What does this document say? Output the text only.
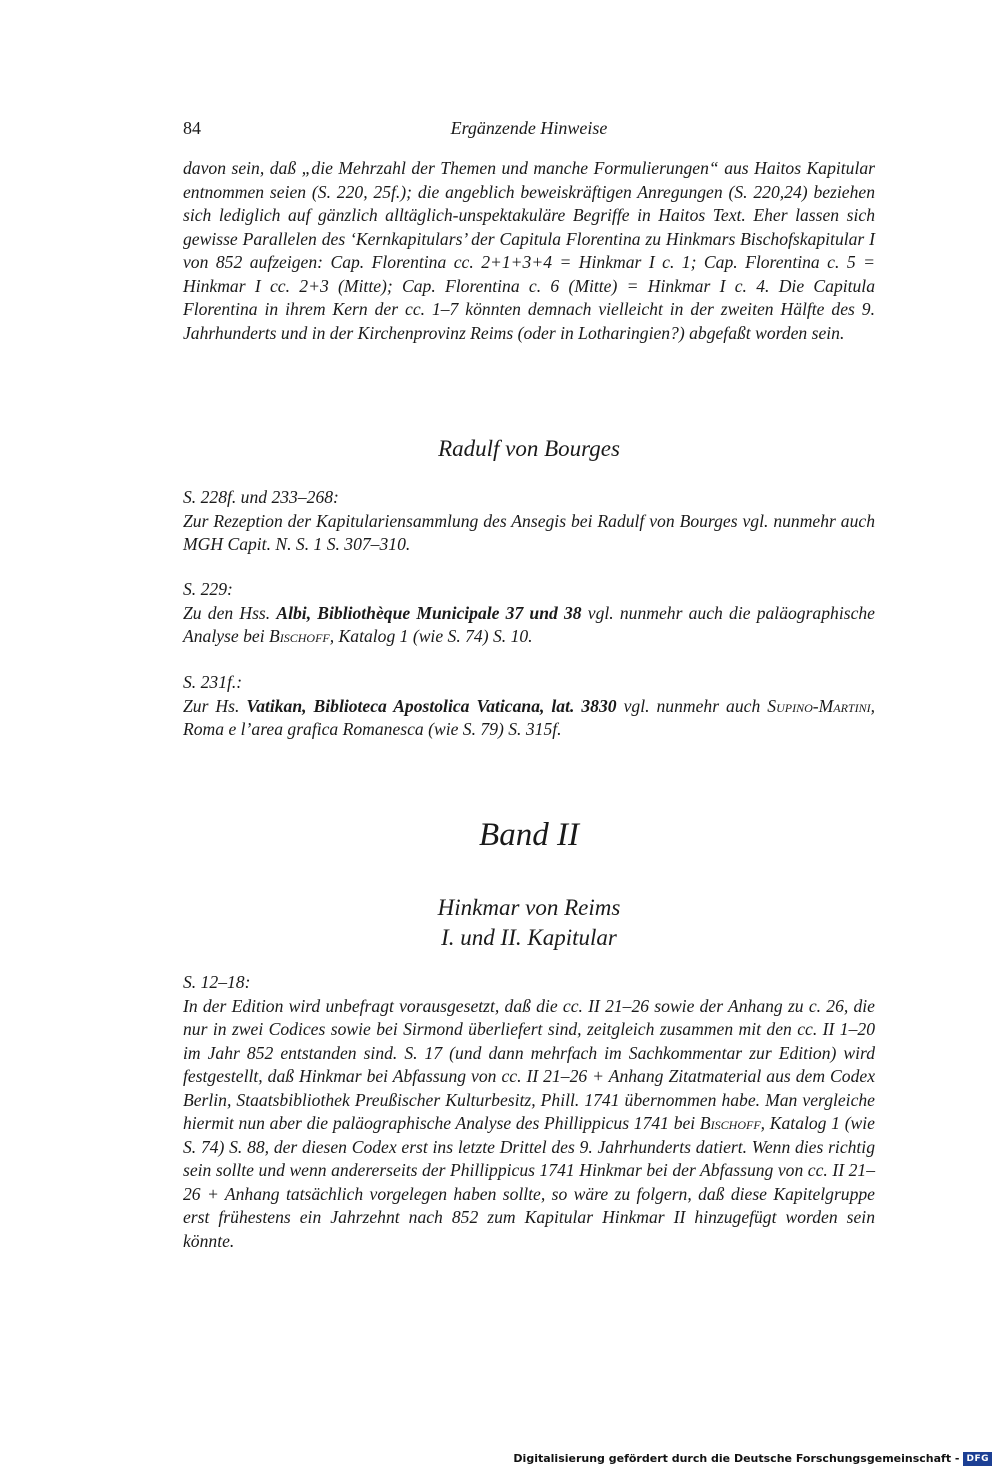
84	Ergänzende Hinweise

davon sein, daß „die Mehrzahl der Themen und manche Formulierungen“ aus Haitos Kapitular entnommen seien (S. 220, 25f.); die angeblich beweiskräftigen Anregungen (S. 220,24) beziehen sich lediglich auf gänzlich alltäglich-unspektakuläre Begriffe in Haitos Text. Eher lassen sich gewisse Parallelen des ‘Kernkapitulars’ der Capitula Florentina zu Hinkmars Bischofskapitular I von 852 aufzeigen: Cap. Florentina cc. 2+1+3+4 = Hinkmar I c. 1; Cap. Florentina c. 5 = Hinkmar I cc. 2+3 (Mitte); Cap. Florentina c. 6 (Mitte) = Hinkmar I c. 4. Die Capitula Florentina in ihrem Kern der cc. 1–7 könnten demnach vielleicht in der zweiten Hälfte des 9. Jahrhunderts und in der Kirchenprovinz Reims (oder in Lotharingien?) abgefaßt worden sein.

Radulf von Bourges
S. 228f. und 233–268:

Zur Rezeption der Kapitulariensammlung des Ansegis bei Radulf von Bourges vgl. nunmehr auch MGH Capit. N. S. 1 S. 307–310.

S. 229:

Zu den Hss. Albi, Bibliothèque Municipale 37 und 38 vgl. nunmehr auch die paläographische Analyse bei Bischoff, Katalog 1 (wie S. 74) S. 10.

S. 231f.:

Zur Hs. Vatikan, Biblioteca Apostolica Vaticana, lat. 3830 vgl. nunmehr auch Supino-Martini, Roma e l’area grafica Romanesca (wie S. 79) S. 315f.

Band II
Hinkmar von Reims
I. und II. Kapitular
S. 12–18:

In der Edition wird unbefragt vorausgesetzt, daß die cc. II 21–26 sowie der Anhang zu c. 26, die nur in zwei Codices sowie bei Sirmond überliefert sind, zeitgleich zusammen mit den cc. II 1–20 im Jahr 852 entstanden sind. S. 17 (und dann mehrfach im Sachkommentar zur Edition) wird festgestellt, daß Hinkmar bei Abfassung von cc. II 21–26 + Anhang Zitatmaterial aus dem Codex Berlin, Staatsbibliothek Preußischer Kulturbesitz, Phill. 1741 übernommen habe. Man vergleiche hiermit nun aber die paläographische Analyse des Phillippicus 1741 bei Bischoff, Katalog 1 (wie S. 74) S. 88, der diesen Codex erst ins letzte Drittel des 9. Jahrhunderts datiert. Wenn dies richtig sein sollte und wenn andererseits der Phillippicus 1741 Hinkmar bei der Abfassung von cc. II 21–26 + Anhang tatsächlich vorgelegen haben sollte, so wäre zu folgern, daß diese Kapitelgruppe erst frühestens ein Jahrzehnt nach 852 zum Kapitular Hinkmar II hinzugefügt worden sein könnte.

Digitalisierung gefördert durch die Deutsche Forschungsgemeinschaft - DFG
